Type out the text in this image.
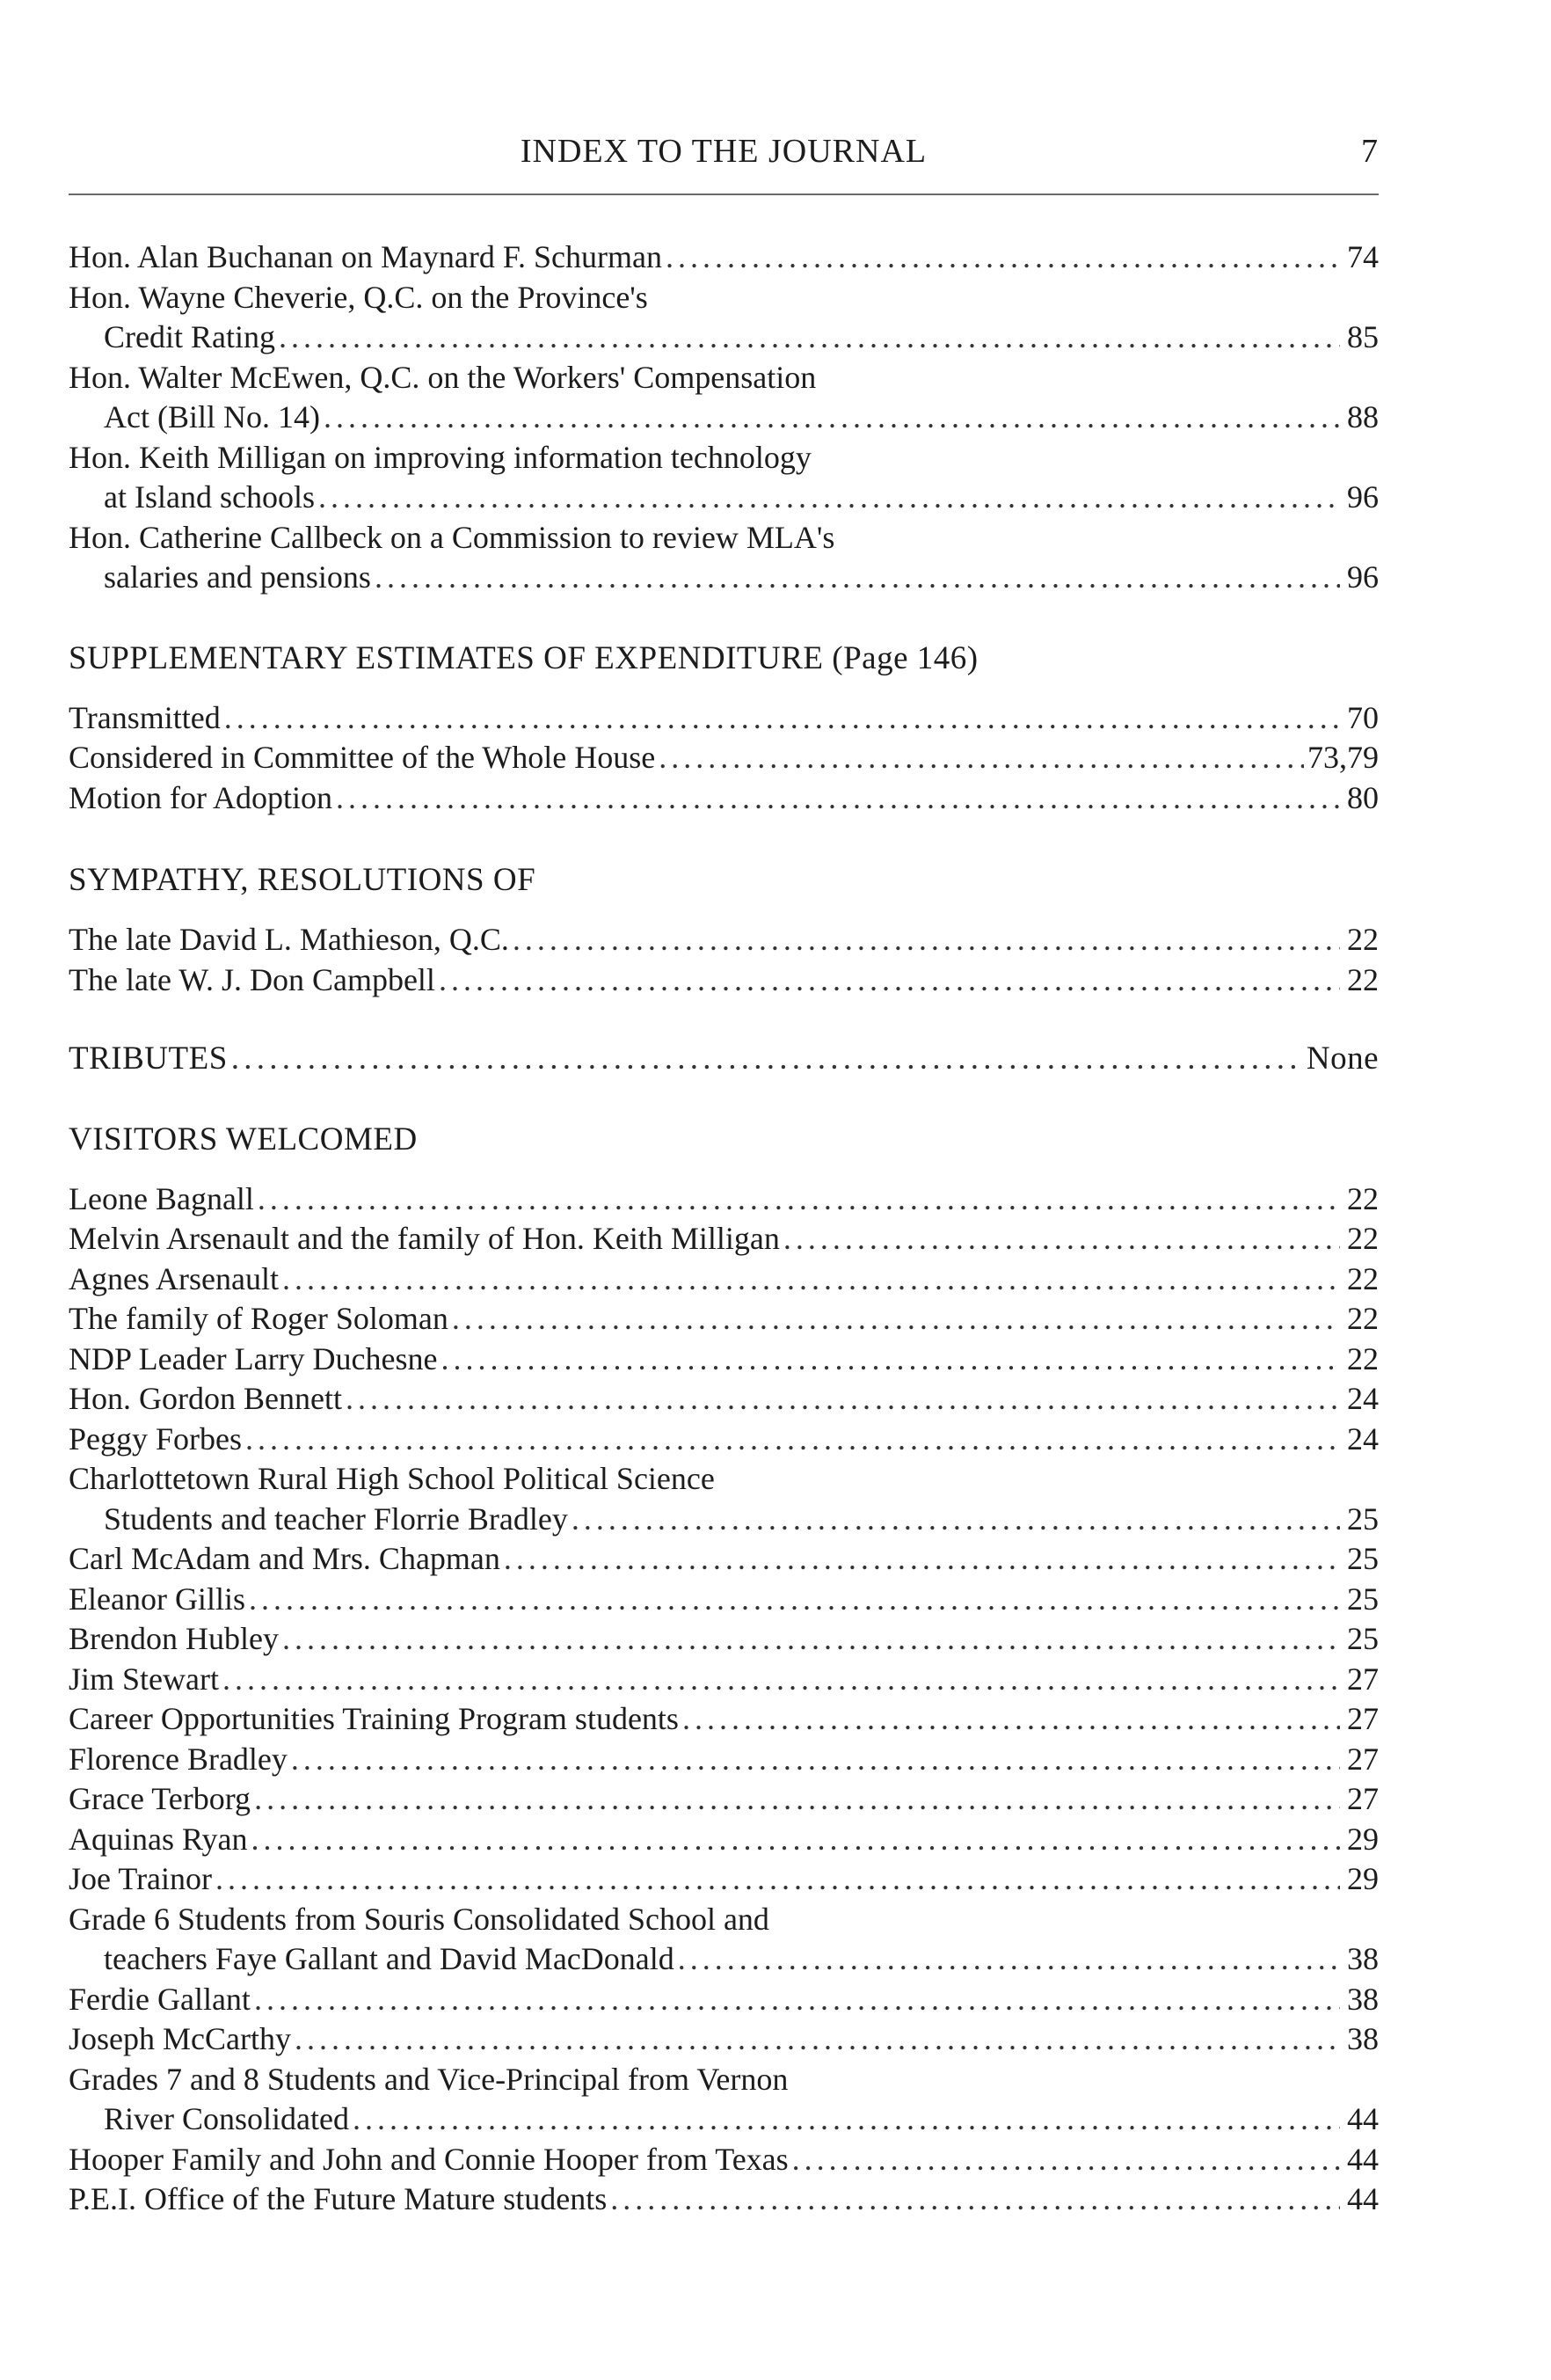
INDEX TO THE JOURNAL	7
Hon. Alan Buchanan on Maynard F. Schurman . . .	74
Hon. Wayne Cheverie, Q.C. on the Province's
Credit Rating . . .	85
Hon. Walter McEwen, Q.C. on the Workers' Compensation
Act (Bill No. 14) . . .	88
Hon. Keith Milligan on improving information technology
at Island schools . . .	96
Hon. Catherine Callbeck on a Commission to review MLA's
salaries and pensions . . .	96
SUPPLEMENTARY ESTIMATES OF EXPENDITURE (Page 146)
Transmitted . . .	70
Considered in Committee of the Whole House . . .	73,79
Motion for Adoption . . .	80
SYMPATHY, RESOLUTIONS OF
The late David L. Mathieson, Q.C. . . .	22
The late W. J. Don Campbell . . .	22
TRIBUTES . . .	None
VISITORS WELCOMED
Leone Bagnall . . .	22
Melvin Arsenault and the family of Hon. Keith Milligan . . .	22
Agnes Arsenault . . .	22
The family of Roger Soloman . . .	22
NDP Leader Larry Duchesne . . .	22
Hon. Gordon Bennett . . .	24
Peggy Forbes . . .	24
Charlottetown Rural High School Political Science
Students and teacher Florrie Bradley . . .	25
Carl McAdam and Mrs. Chapman . . .	25
Eleanor Gillis . . .	25
Brendon Hubley . . .	25
Jim Stewart . . .	27
Career Opportunities Training Program students . . .	27
Florence Bradley . . .	27
Grace Terborg . . .	27
Aquinas Ryan . . .	29
Joe Trainor . . .	29
Grade 6 Students from Souris Consolidated School and
teachers Faye Gallant and David MacDonald . . .	38
Ferdie Gallant . . .	38
Joseph McCarthy . . .	38
Grades 7 and 8 Students and Vice-Principal from Vernon
River Consolidated . . .	44
Hooper Family and John and Connie Hooper from Texas . . .	44
P.E.I. Office of the Future Mature students . . .	44
